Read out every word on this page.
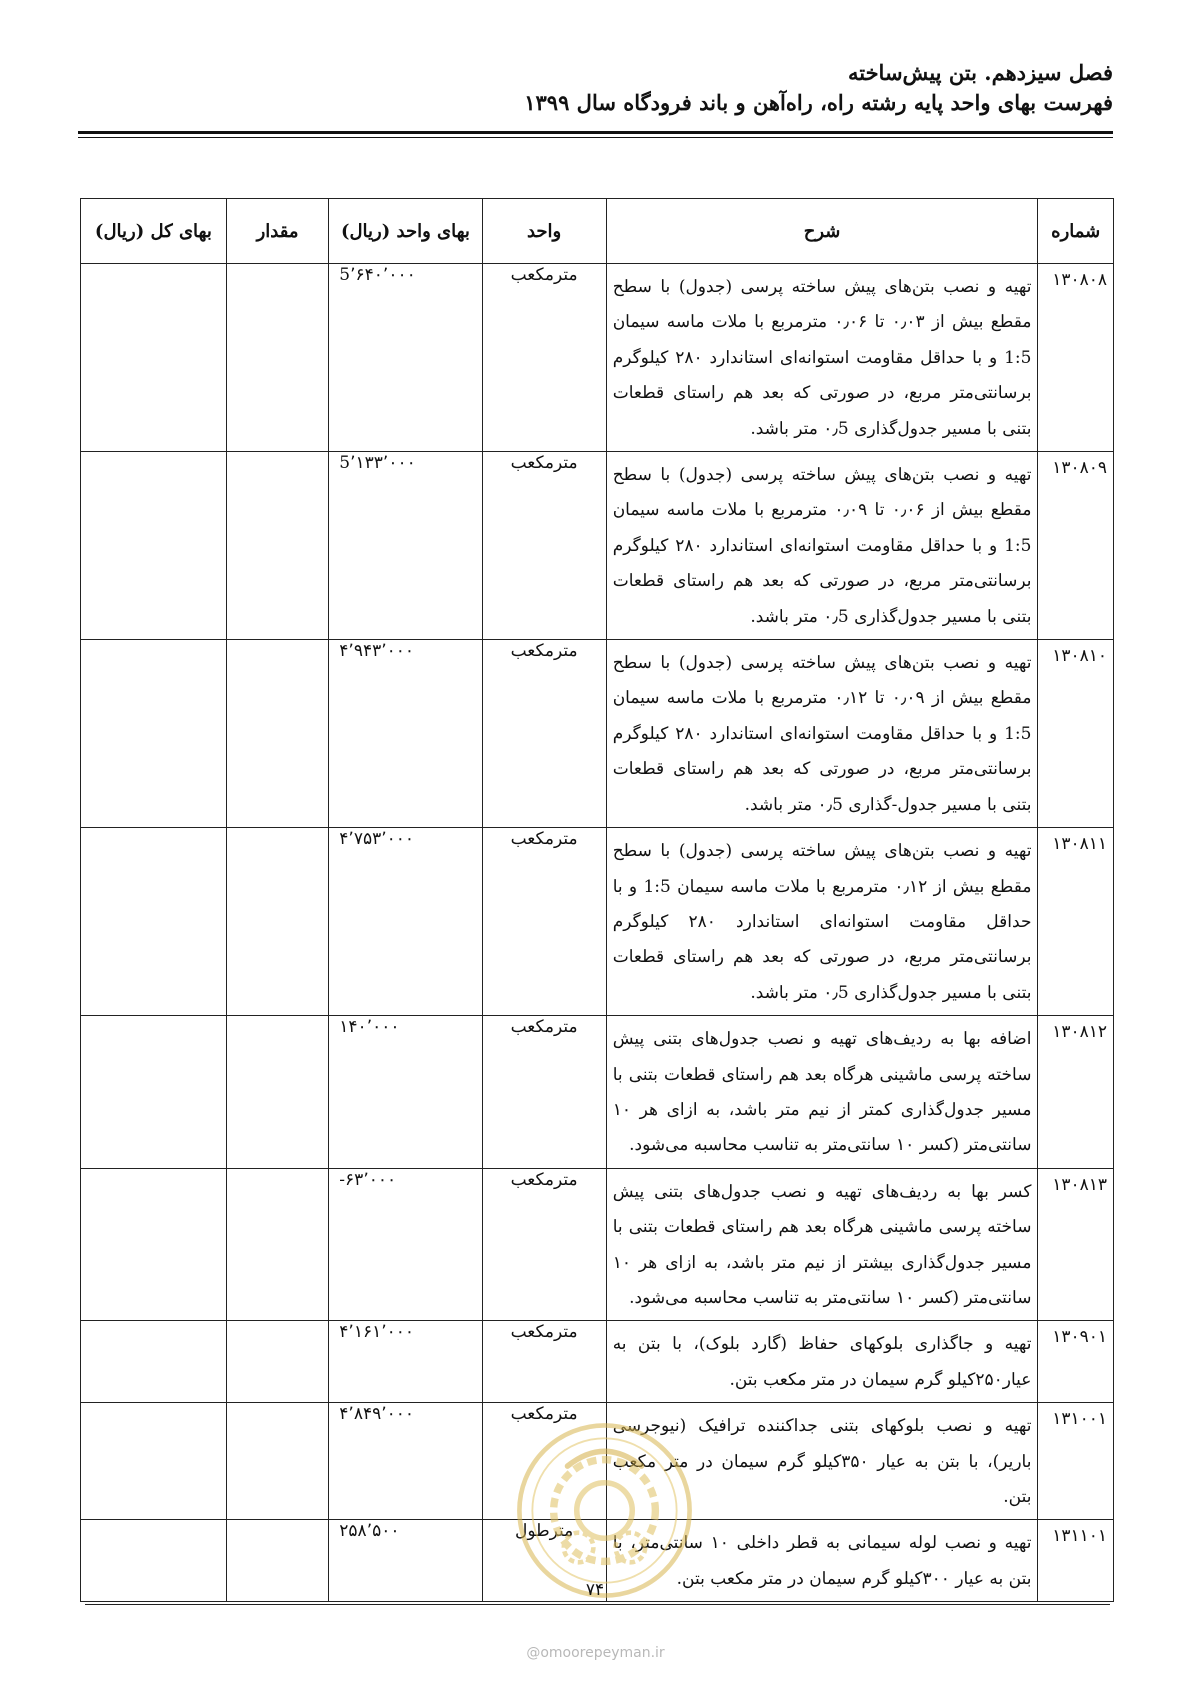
فصل سیزدهم. بتن پیش‌ساخته
فهرست بهای واحد پایه رشته راه، راه‌آهن و باند فرودگاه سال ۱۳۹۹
شماره	شرح	واحد	بهای واحد (ریال)	مقدار	بهای کل (ریال)
۱۳۰۸۰۸	تهیه و نصب بتن‌های پیش ساخته پرسی (جدول) با سطح مقطع بیش از ۰٫۰۳ تا ۰٫۰۶ مترمربع با ملات ماسه سیمان 1:5 و با حداقل مقاومت استوانه‌ای استاندارد ۲۸۰ کیلوگرم برسانتی‌متر مربع، در صورتی که بعد هم راستای قطعات بتنی با مسیر جدول‌گذاری ۰٫5 متر باشد.	مترمکعب	5٬۶۴۰٬۰۰۰		
۱۳۰۸۰۹	تهیه و نصب بتن‌های پیش ساخته پرسی (جدول) با سطح مقطع بیش از ۰٫۰۶ تا ۰٫۰۹ مترمربع با ملات ماسه سیمان 1:5 و با حداقل مقاومت استوانه‌ای استاندارد ۲۸۰ کیلوگرم برسانتی‌متر مربع، در صورتی که بعد هم راستای قطعات بتنی با مسیر جدول‌گذاری ۰٫5 متر باشد.	مترمکعب	5٬۱۳۳٬۰۰۰		
۱۳۰۸۱۰	تهیه و نصب بتن‌های پیش ساخته پرسی (جدول) با سطح مقطع بیش از ۰٫۰۹ تا ۰٫۱۲ مترمربع با ملات ماسه سیمان 1:5 و با حداقل مقاومت استوانه‌ای استاندارد ۲۸۰ کیلوگرم برسانتی‌متر مربع، در صورتی که بعد هم راستای قطعات بتنی با مسیر جدول-گذاری ۰٫5 متر باشد.	مترمکعب	۴٬۹۴۳٬۰۰۰		
۱۳۰۸۱۱	تهیه و نصب بتن‌های پیش ساخته پرسی (جدول) با سطح مقطع بیش از ۰٫۱۲ مترمربع با ملات ماسه سیمان 1:5 و با حداقل مقاومت استوانه‌ای استاندارد ۲۸۰ کیلوگرم برسانتی‌متر مربع، در صورتی که بعد هم راستای قطعات بتنی با مسیر جدول‌گذاری ۰٫5 متر باشد.	مترمکعب	۴٬۷۵۳٬۰۰۰		
۱۳۰۸۱۲	اضافه بها به ردیف‌های تهیه و نصب جدول‌های بتنی پیش ساخته پرسی ماشینی هرگاه بعد هم راستای قطعات بتنی با مسیر جدول‌گذاری کمتر از نیم متر باشد، به ازای هر ۱۰ سانتی‌متر (کسر ۱۰ سانتی‌متر به تناسب محاسبه می‌شود.	مترمکعب	۱۴۰٬۰۰۰		
۱۳۰۸۱۳	کسر بها به ردیف‌های تهیه و نصب جدول‌های بتنی پیش ساخته پرسی ماشینی هرگاه بعد هم راستای قطعات بتنی با مسیر جدول‌گذاری بیشتر از نیم متر باشد، به ازای هر ۱۰ سانتی‌متر (کسر ۱۰ سانتی‌متر به تناسب محاسبه می‌شود.	مترمکعب	-۶۳٬۰۰۰		
۱۳۰۹۰۱	تهیه و جاگذاری بلوکهای حفاظ (گارد بلوک)، با بتن به عیار۲۵۰کیلو گرم سیمان در متر مکعب بتن.	مترمکعب	۴٬۱۶۱٬۰۰۰		
۱۳۱۰۰۱	تهیه و نصب بلوکهای بتنی جداکننده ترافیک (نیوجرسی باریر)، با بتن به عیار ۳۵۰کیلو گرم سیمان در متر مکعب بتن.	مترمکعب	۴٬۸۴۹٬۰۰۰		
۱۳۱۱۰۱	تهیه و نصب لوله سیمانی به قطر داخلی ۱۰ سانتی‌متر، با بتن به عیار ۳۰۰کیلو گرم سیمان در متر مکعب بتن.	مترطول	۲۵۸٬۵۰۰		
۷۴
@omoorepeyman.ir
